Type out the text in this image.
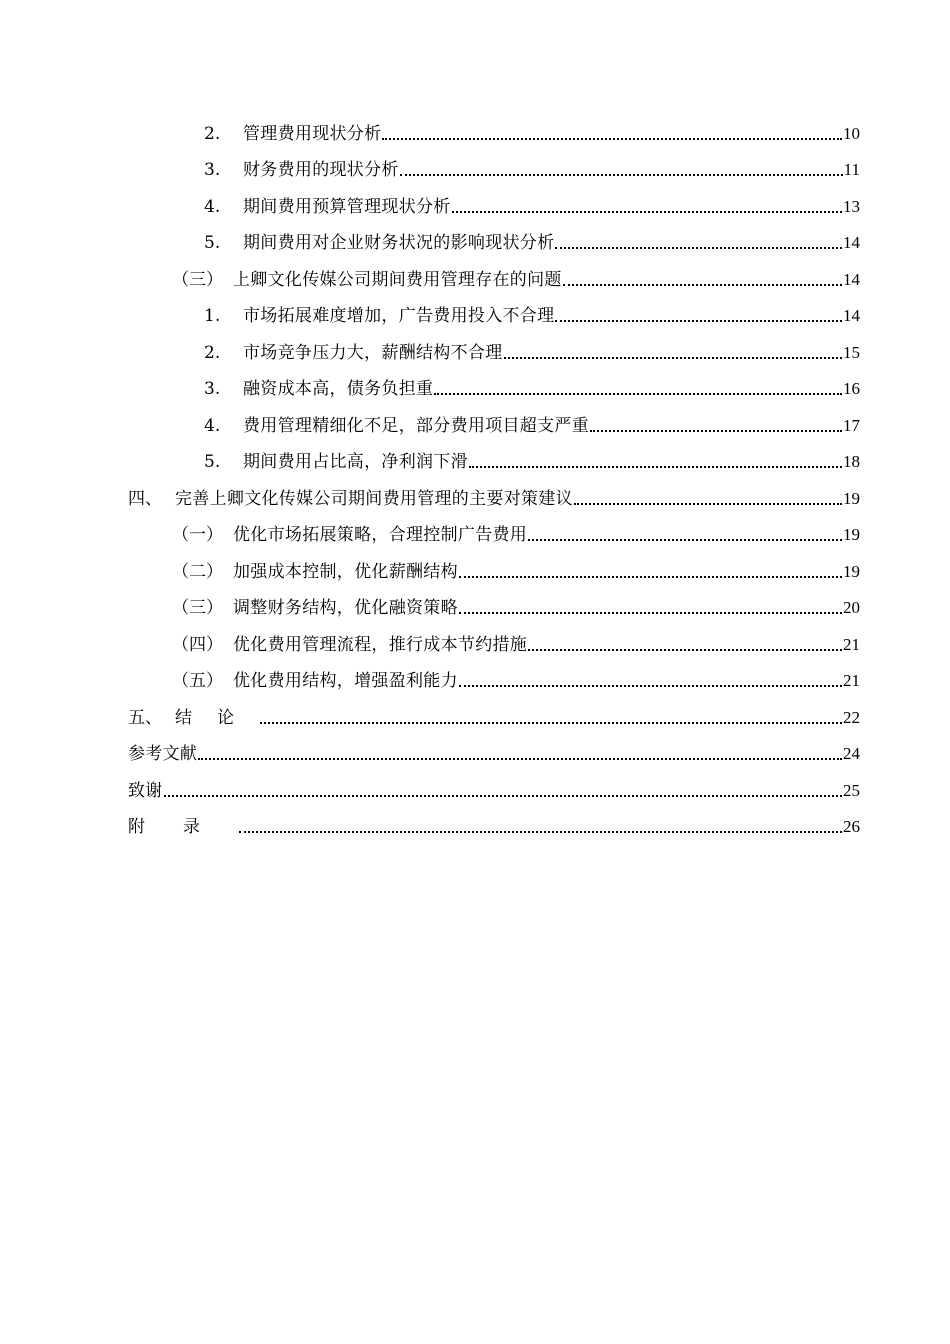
2.	管理费用现状分析	10
3.	财务费用的现状分析	11
4.	期间费用预算管理现状分析	13
5.	期间费用对企业财务状况的影响现状分析	14
（三） 上卿文化传媒公司期间费用管理存在的问题	14
1.	市场拓展难度增加，广告费用投入不合理	14
2.	市场竞争压力大，薪酬结构不合理	15
3.	融资成本高，债务负担重	16
4.	费用管理精细化不足，部分费用项目超支严重	17
5.	期间费用占比高，净利润下滑	18
四、 完善上卿文化传媒公司期间费用管理的主要对策建议	19
（一） 优化市场拓展策略，合理控制广告费用	19
（二） 加强成本控制，优化薪酬结构	19
（三） 调整财务结构，优化融资策略	20
（四） 优化费用管理流程，推行成本节约措施	21
（五） 优化费用结构，增强盈利能力	21
五、 结论	22
参考文献	24
致谢	25
附录	26
